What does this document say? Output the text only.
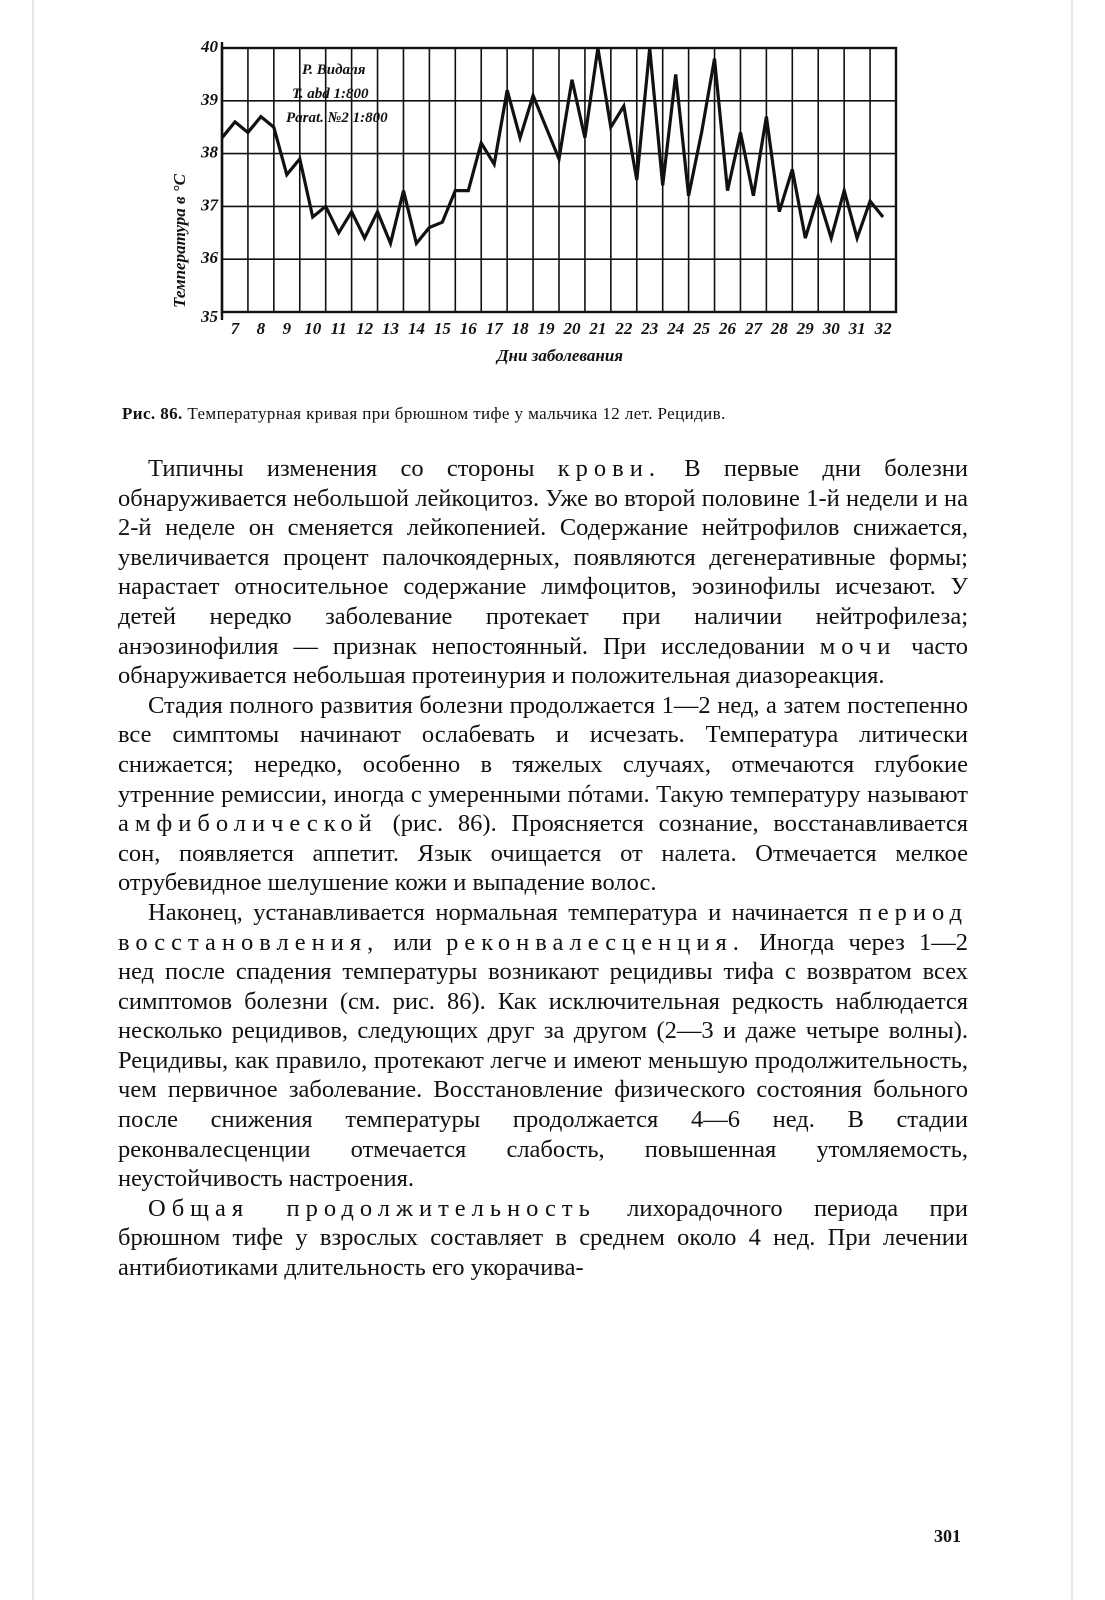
35
36
37
38
39
40
7 8 9 10 11 12 13 14 15 16 17 18 19 20 21 22 23 24 25 26 27 28 29 30 31 32
Температура в °C
Дни заболевания
P. Видаля
T. abd 1:800
Parat. №2 1:800
Рис. 86. Температурная кривая при брюшном тифе у мальчика 12 лет. Рецидив.

Типичны изменения со стороны крови. В первые дни болезни обнаруживается небольшой лейкоцитоз. Уже во второй половине 1-й недели и на 2-й неделе он сменяется лейкопенией. Содержание нейтрофилов снижается, увеличивается процент палочкоядерных, появляются дегенеративные формы; нарастает относительное содержание лимфоцитов, эозинофилы исчезают. У детей нередко заболевание протекает при наличии нейтрофилеза; анэозинофилия — признак непостоянный. При исследовании мочи часто обнаруживается небольшая протеинурия и положительная диазореакция.

Стадия полного развития болезни продолжается 1—2 нед, а затем постепенно все симптомы начинают ослабевать и исчезать. Температура литически снижается; нередко, особенно в тяжелых случаях, отмечаются глубокие утренние ремиссии, иногда с умеренными пóтами. Такую температуру называют амфиболической (рис. 86). Проясняется сознание, восстанавливается сон, появляется аппетит. Язык очищается от налета. Отмечается мелкое отрубевидное шелушение кожи и выпадение волос.

Наконец, устанавливается нормальная температура и начинается период восстановления, или реконвалесценция. Иногда через 1—2 нед после спадения температуры возникают рецидивы тифа с возвратом всех симптомов болезни (см. рис. 86). Как исключительная редкость наблюдается несколько рецидивов, следующих друг за другом (2—3 и даже четыре волны). Рецидивы, как правило, протекают легче и имеют меньшую продолжительность, чем первичное заболевание. Восстановление физического состояния больного после снижения температуры продолжается 4—6 нед. В стадии реконвалесценции отмечается слабость, повышенная утомляемость, неустойчивость настроения.

Общая продолжительность лихорадочного периода при брюшном тифе у взрослых составляет в среднем около 4 нед. При лечении антибиотиками длительность его укорачива-

301
